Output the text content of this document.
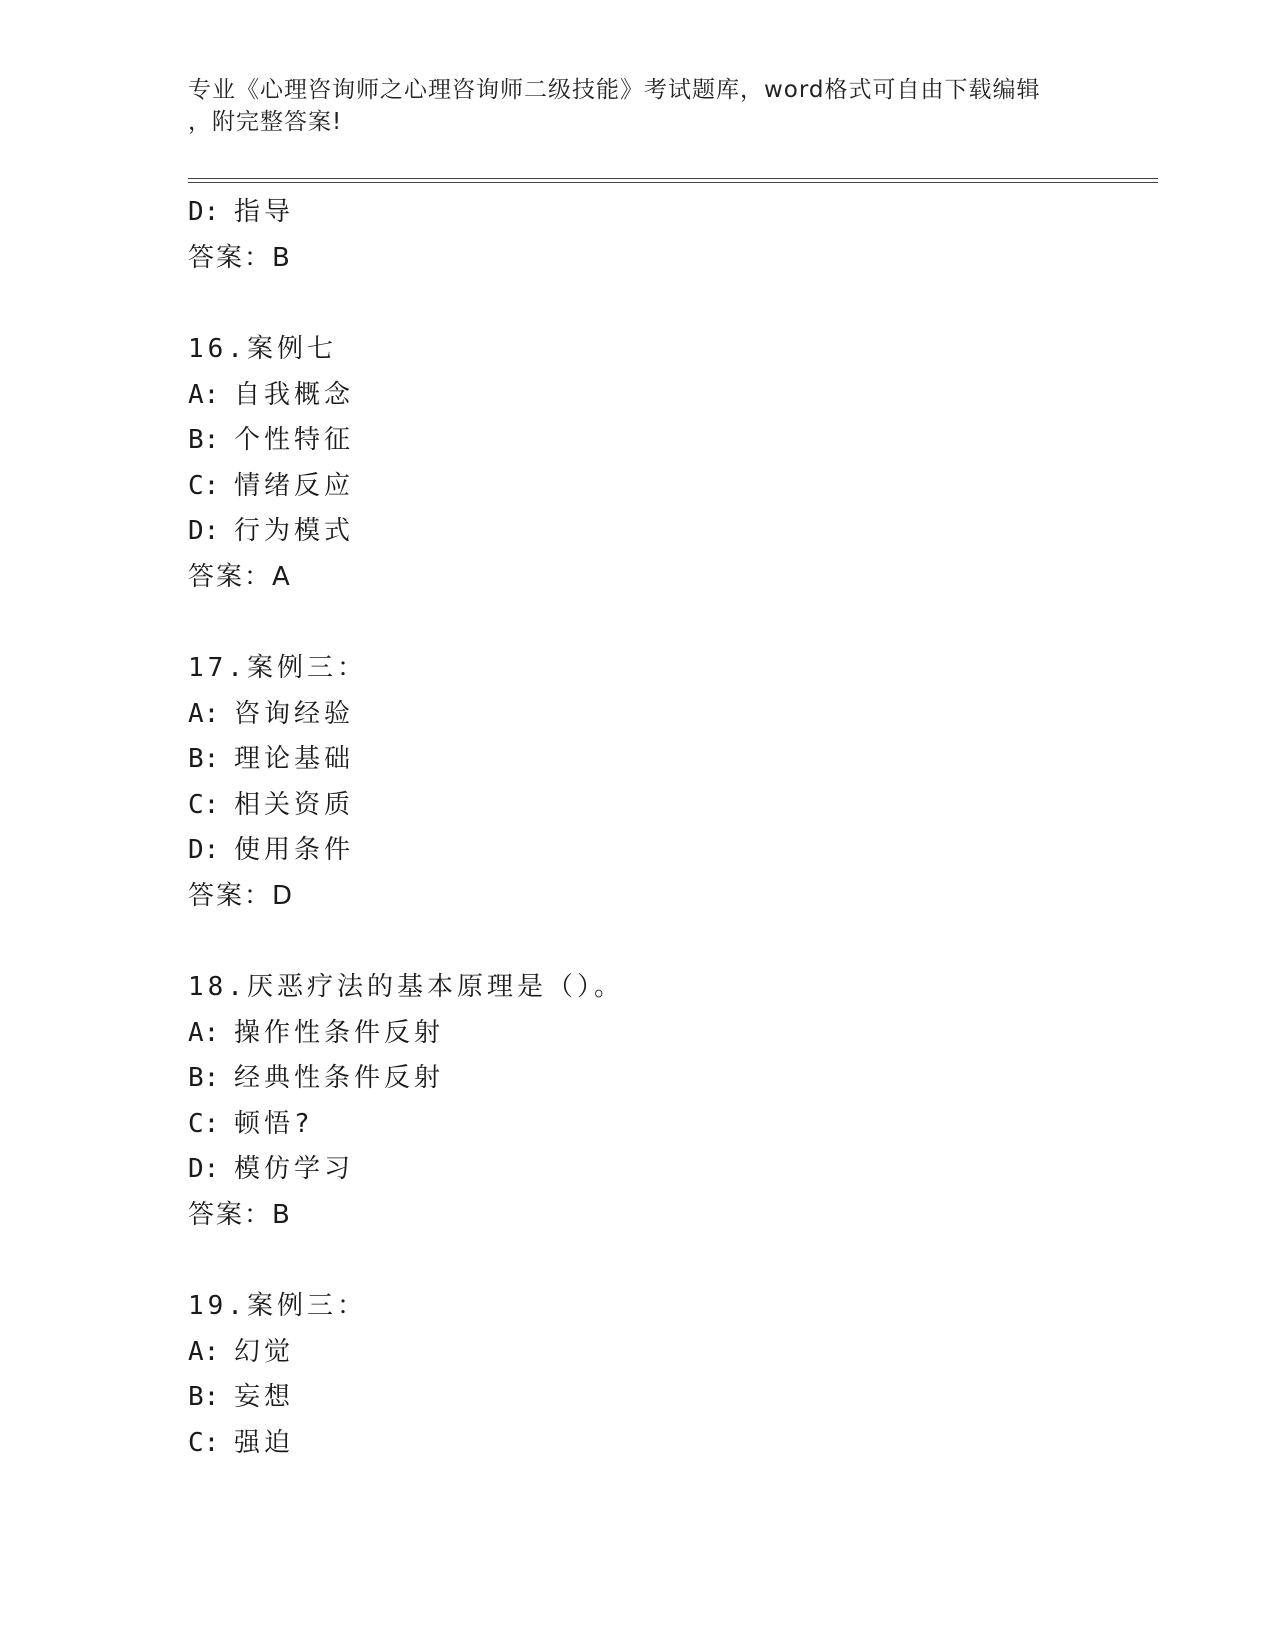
专业《心理咨询师之心理咨询师二级技能》考试题库，word格式可自由下载编辑
，附完整答案!
D: 指导
答案：B
16.案例七
A: 自我概念
B: 个性特征
C: 情绪反应
D: 行为模式
答案：A
17.案例三：
A: 咨询经验
B: 理论基础
C: 相关资质
D: 使用条件
答案：D
18.厌恶疗法的基本原理是（）。
A: 操作性条件反射
B: 经典性条件反射
C: 顿悟?
D: 模仿学习
答案：B
19.案例三：
A: 幻觉
B: 妄想
C: 强迫
